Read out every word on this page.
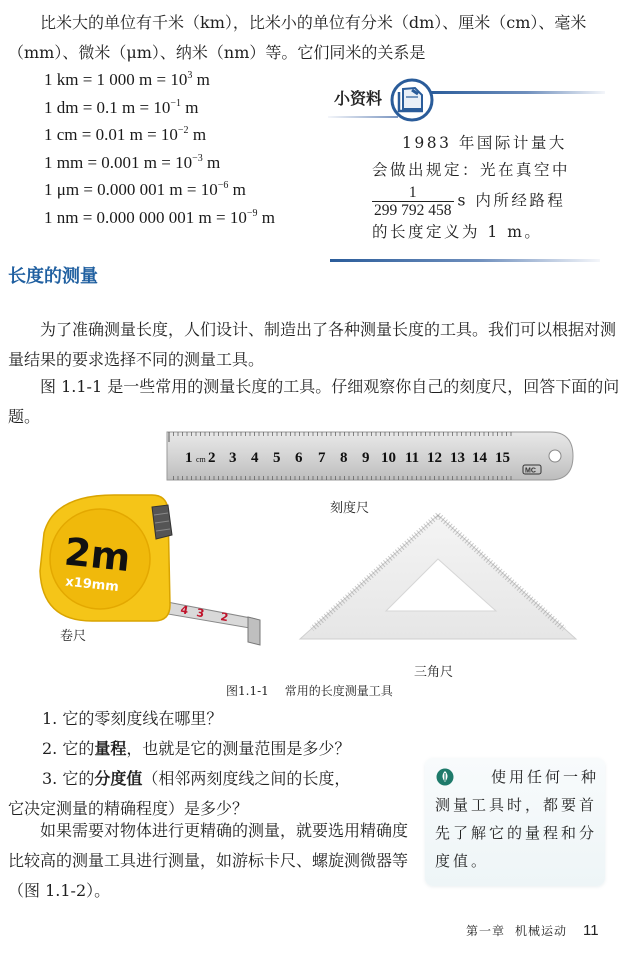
比米大的单位有千米（km），比米小的单位有分米（dm）、厘米（cm）、毫米（mm）、微米（μm）、纳米（nm）等。它们同米的关系是

1 km = 1 000 $m = 10^3$ m
1 dm = 0.1 $m = 10^{-1}$ m
1 cm = 0.01 $m = 10^{-2}$ m
1 mm = 0.001 $m = 10^{-3}$ m
1 μm = 0.000 001 $m = 10^{-6}$ m
1 nm = 0.000 000 001 $m = 10^{-9}$ m
小资料
1983 年国际计量大
会做出规定：光在真空中
$\frac{1}{299 792 458}$ s 内所经路程
的长度定义为 1 m。
长度的测量

为了准确测量长度，人们设计、制造出了各种测量长度的工具。我们可以根据对测量结果的要求选择不同的测量工具。

图 1.1-1 是一些常用的测量长度的工具。仔细观察你自己的刻度尺，回答下面的问题。

MC
1 cm 2 3 4 5 6 7 8 9 10 11 12 13 14 15
刻度尺
4 3 2
2m
x19mm
卷尺
三角尺
图1.1-1 常用的长度测量工具
1. 它的零刻度线在哪里？
2. 它的量程，也就是它的测量范围是多少？

3. 它的分度值（相邻两刻度线之间的长度，
它决定测量的精确程度）是多少？

如果需要对物体进行更精确的测量，就要选用精确度比较高的测量工具进行测量，如游标卡尺、螺旋测微器等（图 1.1-2）。

使用任何一种测量工具时，都要首先了解它的量程和分度值。
第一章 机械运动 11
